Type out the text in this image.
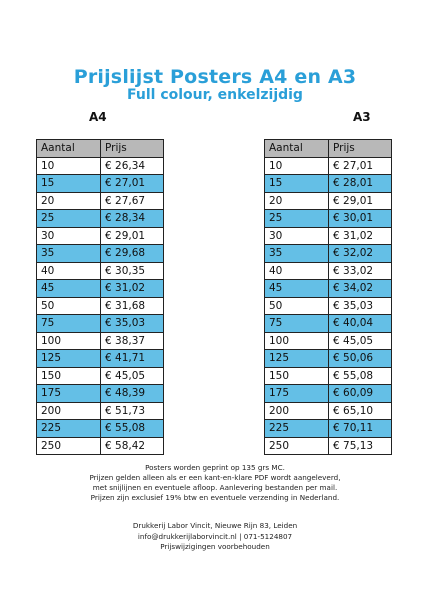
Prijslijst Posters A4 en A3
Full colour, enkelzijdig
A4	A3
Aantal	Prijs
10	€ 26,34
15	€ 27,01
20	€ 27,67
25	€ 28,34
30	€ 29,01
35	€ 29,68
40	€ 30,35
45	€ 31,02
50	€ 31,68
75	€ 35,03
100	€ 38,37
125	€ 41,71
150	€ 45,05
175	€ 48,39
200	€ 51,73
225	€ 55,08
250	€ 58,42
Aantal	Prijs
10	€ 27,01
15	€ 28,01
20	€ 29,01
25	€ 30,01
30	€ 31,02
35	€ 32,02
40	€ 33,02
45	€ 34,02
50	€ 35,03
75	€ 40,04
100	€ 45,05
125	€ 50,06
150	€ 55,08
175	€ 60,09
200	€ 65,10
225	€ 70,11
250	€ 75,13
Posters worden geprint op 135 grs MC.
Prijzen gelden alleen als er een kant-en-klare PDF wordt aangeleverd,
met snijlijnen en eventuele afloop. Aanlevering bestanden per mail.
Prijzen zijn exclusief 19% btw en eventuele verzending in Nederland.
Drukkerij Labor Vincit, Nieuwe Rijn 83, Leiden
info@drukkerijlaborvincit.nl | 071-5124807
Prijswijzigingen voorbehouden
